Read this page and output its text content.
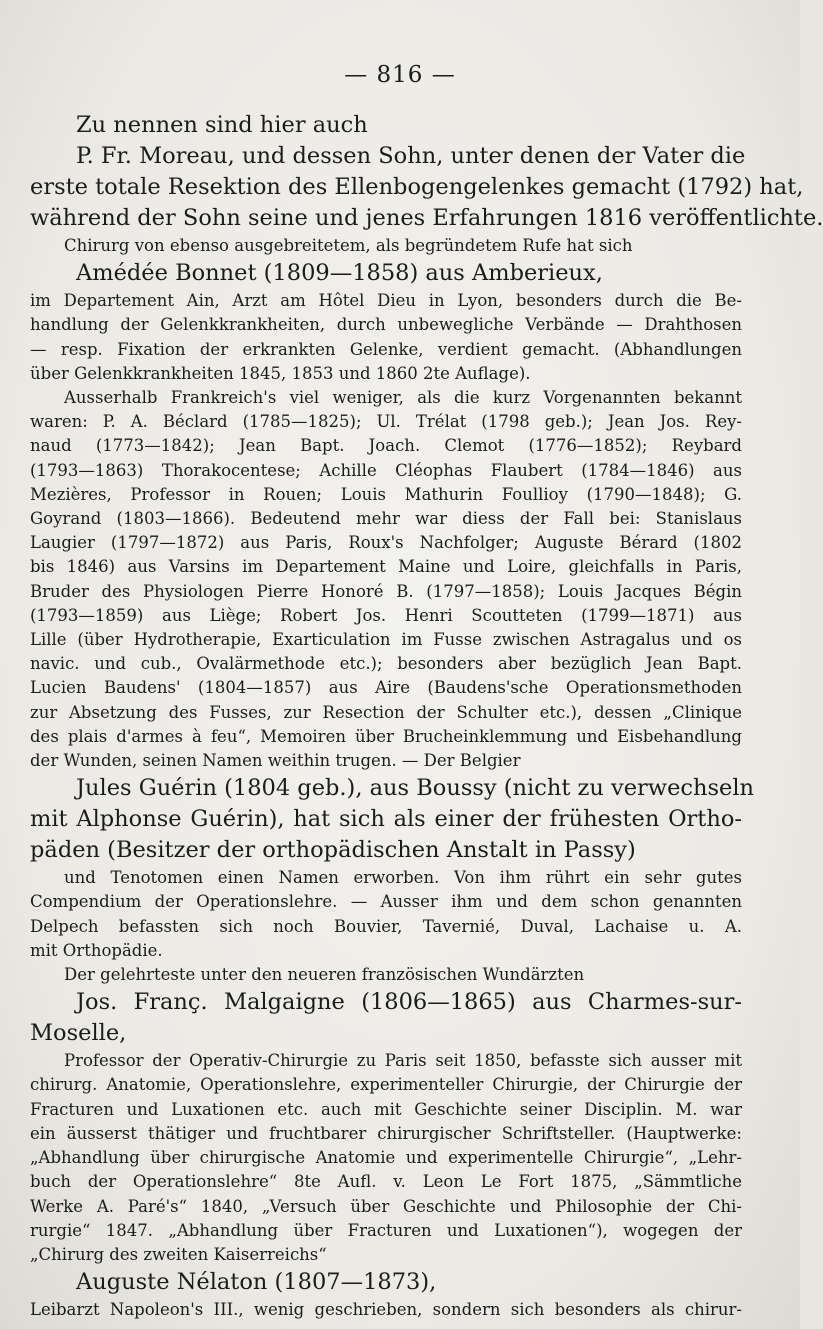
— 816 —

Zu nennen sind hier auch

P. Fr. Moreau, und dessen Sohn, unter denen der Vater die

erste totale Resektion des Ellenbogengelenkes gemacht (1792) hat,

während der Sohn seine und jenes Erfahrungen 1816 veröffentlichte.

Chirurg von ebenso ausgebreitetem, als begründetem Rufe hat sich

Amédée Bonnet (1809—1858) aus Amberieux,

im Departement Ain, Arzt am Hôtel Dieu in Lyon, besonders durch die Be-

handlung der Gelenkkrankheiten, durch unbewegliche Verbände — Drahthosen

— resp. Fixation der erkrankten Gelenke, verdient gemacht. (Abhandlungen

über Gelenkkrankheiten 1845, 1853 und 1860 2te Auflage).

Ausserhalb Frankreich's viel weniger, als die kurz Vorgenannten bekannt

waren: P. A. Béclard (1785—1825); Ul. Trélat (1798 geb.); Jean Jos. Rey-

naud (1773—1842); Jean Bapt. Joach. Clemot (1776—1852); Reybard

(1793—1863) Thorakocentese; Achille Cléophas Flaubert (1784—1846) aus

Mezières, Professor in Rouen; Louis Mathurin Foullioy (1790—1848); G.

Goyrand (1803—1866). Bedeutend mehr war diess der Fall bei: Stanislaus

Laugier (1797—1872) aus Paris, Roux's Nachfolger; Auguste Bérard (1802

bis 1846) aus Varsins im Departement Maine und Loire, gleichfalls in Paris,

Bruder des Physiologen Pierre Honoré B. (1797—1858); Louis Jacques Bégin

(1793—1859) aus Liège; Robert Jos. Henri Scoutteten (1799—1871) aus

Lille (über Hydrotherapie, Exarticulation im Fusse zwischen Astragalus und os

navic. und cub., Ovalärmethode etc.); besonders aber bezüglich Jean Bapt.

Lucien Baudens' (1804—1857) aus Aire (Baudens'sche Operationsmethoden

zur Absetzung des Fusses, zur Resection der Schulter etc.), dessen „Clinique

des plais d'armes à feu“, Memoiren über Brucheinklemmung und Eisbehandlung

der Wunden, seinen Namen weithin trugen. — Der Belgier

Jules Guérin (1804 geb.), aus Boussy (nicht zu verwechseln

mit Alphonse Guérin), hat sich als einer der frühesten Ortho-

päden (Besitzer der orthopädischen Anstalt in Passy)

und Tenotomen einen Namen erworben. Von ihm rührt ein sehr gutes

Compendium der Operationslehre. — Ausser ihm und dem schon genannten

Delpech befassten sich noch Bouvier, Tavernié, Duval, Lachaise u. A.

mit Orthopädie.

Der gelehrteste unter den neueren französischen Wundärzten

Jos. Franç. Malgaigne (1806—1865) aus Charmes-sur-

Moselle,

Professor der Operativ-Chirurgie zu Paris seit 1850, befasste sich ausser mit

chirurg. Anatomie, Operationslehre, experimenteller Chirurgie, der Chirurgie der

Fracturen und Luxationen etc. auch mit Geschichte seiner Disciplin. M. war

ein äusserst thätiger und fruchtbarer chirurgischer Schriftsteller. (Hauptwerke:

„Abhandlung über chirurgische Anatomie und experimentelle Chirurgie“, „Lehr-

buch der Operationslehre“ 8te Aufl. v. Leon Le Fort 1875, „Sämmtliche

Werke A. Paré's“ 1840, „Versuch über Geschichte und Philosophie der Chi-

rurgie“ 1847. „Abhandlung über Fracturen und Luxationen“), wogegen der

„Chirurg des zweiten Kaiserreichs“

Auguste Nélaton (1807—1873),

Leibarzt Napoleon's III., wenig geschrieben, sondern sich besonders als chirur-
